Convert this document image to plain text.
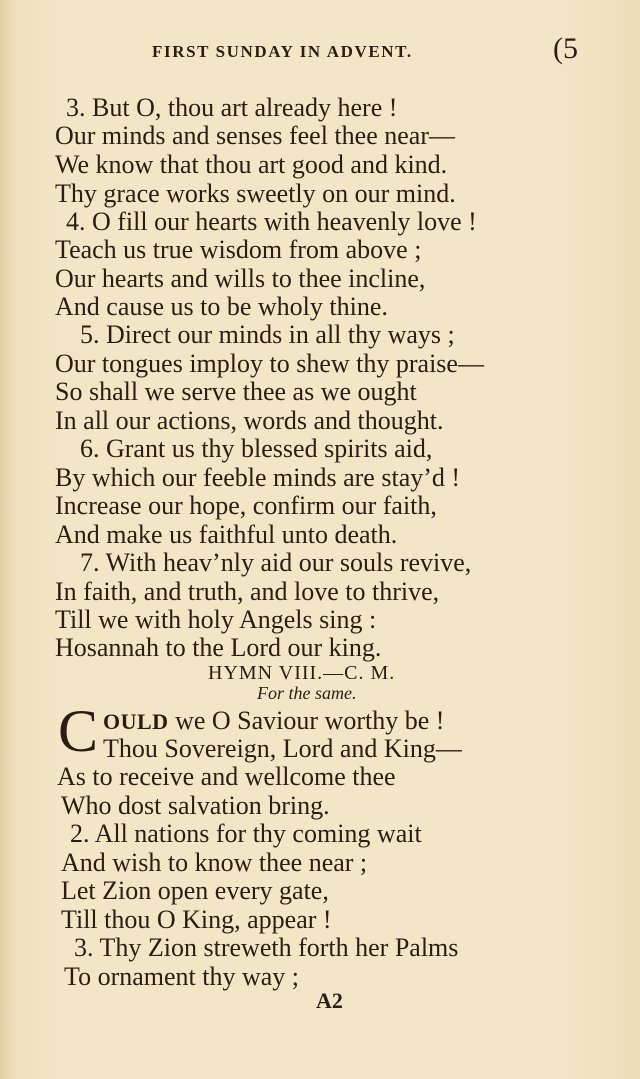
FIRST SUNDAY IN ADVENT.	(5
3. But O, thou art already here !
Our minds and senses feel thee near—
We know that thou art good and kind.
Thy grace works sweetly on our mind.
4. O fill our hearts with heavenly love !
Teach us true wisdom from above ;
Our hearts and wills to thee incline,
And cause us to be wholy thine.
5. Direct our minds in all thy ways ;
Our tongues imploy to shew thy praise—
So shall we serve thee as we ought
In all our actions, words and thought.
6. Grant us thy blessed spirits aid,
By which our feeble minds are stay’d !
Increase our hope, confirm our faith,
And make us faithful unto death.
7. With heav’nly aid our souls revive,
In faith, and truth, and love to thrive,
Till we with holy Angels sing :
Hosannah to the Lord our king.
HYMN VIII.—C. M.
For the same.
C OULD we O Saviour worthy be !
Thou Sovereign, Lord and King—
As to receive and wellcome thee
Who dost salvation bring.
2. All nations for thy coming wait
And wish to know thee near ;
Let Zion open every gate,
Till thou O King, appear !
3. Thy Zion streweth forth her Palms
To ornament thy way ;
A2
